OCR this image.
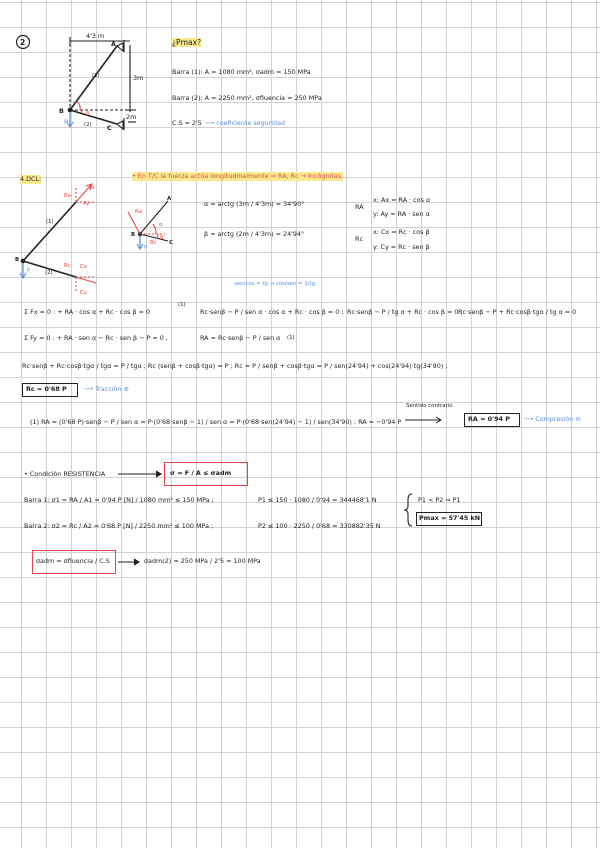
2
4'3 m
3m
2m
A
B
C
P
α
β
(1)
(2)
¿Pmax?
Barra (1): A = 1080 mm², σadm = 150 MPa
Barra (2): A = 2250 mm², σfluencia = 250 MPa
C.S = 2'5 ⟶ coeficiente seguridad
4.DCL:	• En T/C la fuerza actúa longitudinalmente ⇒ RA, Rc → Incógnitas.
Ra
Ax
Ay
Rc Cx
Cy
B
P
(1)
(2)
A
B
C
Ra
Rc
P
α
β
α = arctg (3m / 4'3m) = 34'90°
β = arctg (2m / 4'3m) = 24'94°
RA
x: Ax = RA · cos α
y: Ay = RA · sen α
Rc
x: Cx = Rc · cos β
y: Cy = Rc · sen β
sen/cos = tg → cos/sen = 1/tg
Σ Fx = 0 : + RA · cos α + Rc · cos β = 0
(1)
Rc·senβ − P / sen α · cos α + Rc · cos β = 0 ; Rc·senβ − P / tg α + Rc · cos β = 0 ;
Rc·senβ − P + Rc·cosβ·tgα / tg α = 0
Σ Fy = 0 : + RA · sen α − Rc · sen β − P = 0 ,	RA = Rc·senβ − P / sen α (1)
Rc·senβ + Rc·cosβ·tgα / tgα = P / tgα ; Rc (senβ + cosβ·tgα) = P ; Rc = P / senβ + cosβ·tgα = P / sen(24'94) + cos(24'94)·tg(34'90) ;
Rc = 0'68 P	⟶ Tracción ⊕
(1) RA = (0'68 P)·senβ − P / sen α = P·(0'68·senβ − 1) / sen α = P·(0'68·sen(24'94) − 1) / sen(34'90) ; RA = −0'94 P
Sentido contrario
RA = 0'94 P ⟶ Compresión ⊖
• Condición RESISTENCIA	σ = F / A ≤ σadm
Barra 1: σ1 = RA / A1 = 0'94 P [N] / 1080 mm² ≤ 150 MPa ;	P1 ≤ 150 · 1080 / 0'94 = 344468'1 N
Barra 2: σ2 = Rc / A2 = 0'68 P [N] / 2250 mm² ≤ 100 MPa ;	P2 ≤ 100 · 2250 / 0'68 = 330882'35 N
P1 < P2 ⇒ P1
Pmax = 57'45 kN
σadm = σfluencia / C.S	σadm(2) = 250 MPa / 2'5 = 100 MPa
